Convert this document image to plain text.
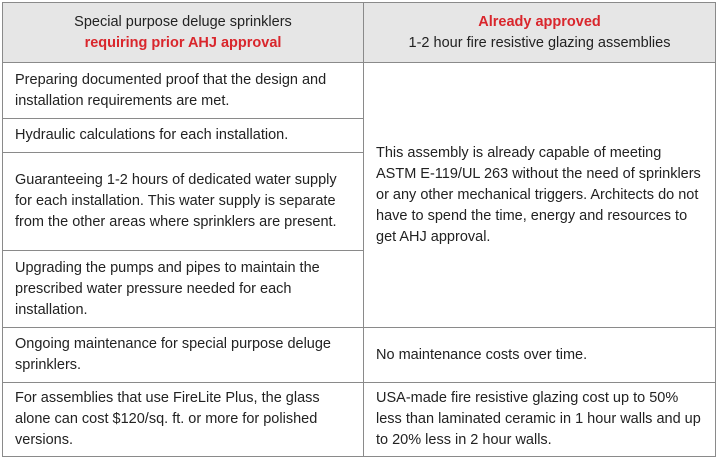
Special purpose deluge sprinklers
requiring prior AHJ approval
Already approved
1-2 hour fire resistive glazing assemblies
Preparing documented proof that the design and installation requirements are met.
Hydraulic calculations for each installation.
Guaranteeing 1-2 hours of dedicated water supply for each installation. This water supply is separate from the other areas where sprinklers are present.
Upgrading the pumps and pipes to maintain the prescribed water pressure needed for each installation.
Ongoing maintenance for special purpose deluge sprinklers.
For assemblies that use FireLite Plus, the glass alone can cost $120/sq. ft. or more for polished versions.
This assembly is already capable of meeting ASTM E-119/UL 263 without the need of sprinklers or any other mechanical triggers. Architects do not have to spend the time, energy and resources to get AHJ approval.
No maintenance costs over time.
USA-made fire resistive glazing cost up to 50% less than laminated ceramic in 1 hour walls and up to 20% less in 2 hour walls.
